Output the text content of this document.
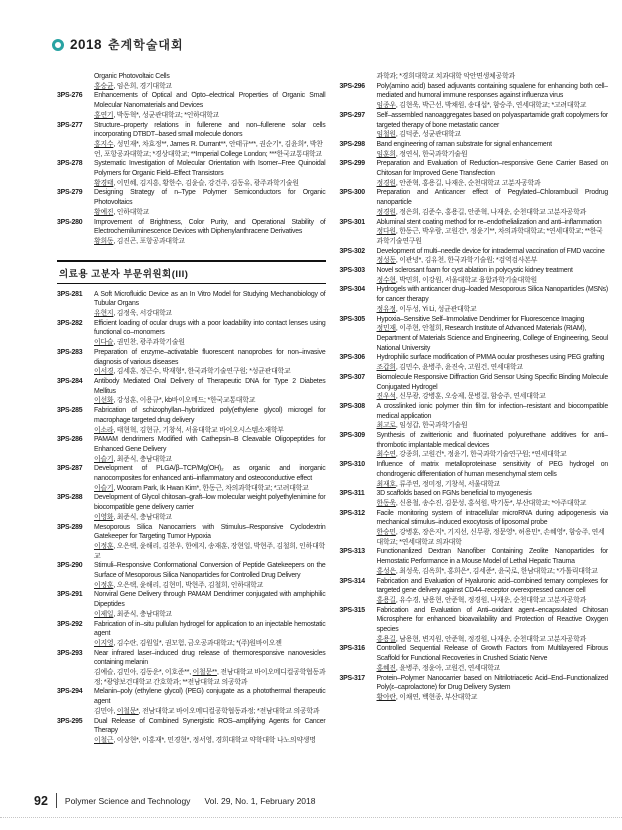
2018 춘계학술대회
Organic Photovoltaic Cells
홍승균, 임은희, 경기대학교
3PS-276	Enhancements of Optical and Opto–electrical Properties of Organic Small Molecular Nanomaterials and Devices
홍연기, 박동혁*, 성균관대학교; *인하대학교
3PS-277	Structure–property relations in fullerene and non–fullerene solar cells incorporating DTBDT–based small molecule donors
홍지수, 성민재*, 차효정**, James R. Durrant**, 안태규***, 권순기*, 김윤희*, 박찬언, 포항공과대학교; *경상대학교; **Imperial College London; ***한국교통대학교
3PS-278	Systematic Investigation of Molecular Orientation with Isomer–Free Quinoidal Polymers for Organic Field–Effect Transistors
황경태, 이민혜, 김지흥, 황한수, 김윤슬, 강건주, 김동유, 광주과학기술원
3PS-279	Designing Strategy of n–Type Polymer Semiconductors for Organic Photovoltaics
황예진, 인하대학교
3PS-280	Improvement of Brightness, Color Purity, and Operational Stability of Electrochemiluminescence Devices with Diphenylanthracene Derivatives
황희동, 김진곤, 포항공과대학교
의료용 고분자 부문위원회(III)
3PS-281	A Soft Microfluidic Device as an In Vitro Model for Studying Mechanobiology of Tubular Organs
유현지, 김정욱, 서강대학교
3PS-282	Efficient loading of ocular drugs with a poor loadability into contact lenses using functional co–monomers
이다슬, 권민찬, 광주과학기술원
3PS-283	Preparation of enzyme–activatable fluorescent nanoprobes for non–invasive diagnosis of various diseases
이서경, 김세훈, 정근수, 박재형*, 한국과학기술연구원; *성균관대학교
3PS-284	Antibody Mediated Oral Delivery of Therapeutic DNA for Type 2 Diabetes Mellitus
이선화, 강성훈, 이용규*, kb바이오메드; *한국교통대학교
3PS-285	Fabrication of schizophyllan–hybridized poly(ethylene glycol) microgel for macrophage targeted drug delivery
이소라, 태현혁, 김현규, 기창석, 서울대학교 바이오시스템소재학부
3PS-286	PAMAM dendrimers Modified with Cathepsin–B Cleavable Oligopeptides for Enhanced Gene Delivery
이슬기, 최준식, 충남대학교
3PS-287	Development of PLGA/β–TCP/Mg(OH)₂ as organic and inorganic nanocomposites for enhanced anti–inflammatory and osteoconductive effect
이슬기, Wooram Park, Ik Hwan Kim*, 한동근, 차의과학대학교; *고려대학교
3PS-288	Development of Glycol chitosan–graft–low molecular weight polyethylenimine for biocompatible gene delivery carrier
이영화, 최준식, 충남대학교
3PS-289	Mesoporous Silica Nanocarriers with Stimulus–Responsive Cyclodextrin Gatekeeper for Targeting Tumor Hypoxia
이정훈, 오은택, 윤해리, 김찬우, 한예지, 송재훈, 장현일, 박현주, 김철희, 인하대학교
3PS-290	Stimuli–Responsive Conformational Conversion of Peptide Gatekeepers on the Surface of Mesoporous Silica Nanoparticles for Controlled Drug Delivery
이정훈, 오은택, 윤해리, 김현미, 박현주, 김철희, 인하대학교
3PS-291	Nonviral Gene Delivery through PAMAM Dendrimer conjugated with amphiphilic Dipeptides
이제일, 최준식, 충남대학교
3PS-292	Fabrication of in–situ pullulan hydrogel for application to an injectable hemostatic agent
이지영, 김수란, 김원일*, 권모험, 금오공과대학교; *(주)원바이오젠
3PS-293	Near infrared laser–induced drug release of thermoresponsive nanovesicles containing melanin
김예슬, 김민아, 김동운*, 이호준**, 이철문**, 전남대학교 바이오메디컬공학협동과정; *광양보건대학교 간호학과; **전남대학교 의공학과
3PS-294	Melanin–poly (ethylene glycol) (PEG) conjugate as a photothermal therapeutic agent
김민아, 이철문*, 전남대학교 바이오메디컬공학협동과정; *전남대학교 의공학과
3PS-295	Dual Release of Combined Synergistic ROS–amplifying Agents for Cancer Therapy
이철근, 이상현*, 이홍재*, 민경현*, 정서영, 경희대학교 약학대학 나노의약생명
과학과; *경희대학교 치과대학 악안면생체공학과
3PS-296	Poly(amino acid) based adjuvants containing squalene for enhancing both cell–mediated and humoral immune responses against influenza virus
임종우, 김현욱, 박근선, 박채원, 송대섭*, 함승주, 연세대학교; *고려대학교
3PS-297	Self–assembled nanoaggregates based on polyaspartamide graft copolymers for targeted therapy of bone metastatic cancer
임철원, 김덕준, 성균관대학교
3PS-298	Band engineering of raman substrate for signal enhancement
임훈희, 정연식, 한국과학기술원
3PS-299	Preparation and Evaluation of Reduction–responsive Gene Carrier Based on Chitosan for Improved Gene Transfection
정경원, 안준혁, 홍용길, 나재운, 순천대학교 고분자공학과
3PS-300	Preparation and Anticancer effect of Pegylated–Chlorambucil Prodrug nanoparticle
정경원, 정은희, 김준수, 홍용길, 안준혁, 나재운, 순천대학교 고분자공학과
3PS-301	Abluminal stent coating method for re–endothelialization and anti–inflammation
정다원, 한동근, 박우람, 고원건*, 정윤기**, 차의과학대학교; *연세대학교; **한국과학기술연구원
3PS-302	Development of multi–needle device for intradermal vaccination of FMD vaccine
정성동, 이관녕*, 김유천, 한국과학기술원; *검역검사본부
3PS-303	Novel sclerosant foam for cyst ablation in polycystic kidney treatment
정수현, 박민희, 이강원, 서울대학교 융합과학기술대학원
3PS-304	Hydrogels with anticancer drug–loaded Mesoporous Silica Nanoparticles (MSNs) for cancer therapy
정유정, 이두성, Yi Li, 성균관대학교
3PS-305	Hypoxia–Sensitive Self–Immolative Dendrimer for Fluorescence Imaging
정민재, 이주현, 안철희, Research Institute of Advanced Materials (RIAM), Department of Materials Science and Engineering, College of Engineering, Seoul National University
3PS-306	Hydrophilic surface modification of PMMA ocular prostheses using PEG grafting
조갑희, 김민수, 윤병주, 윤진숙, 고원건, 연세대학교
3PS-307	Biomolecule Responsive Diffraction Grid Sensor Using Specific Binding Molecule Conjugated Hydrogel
진우석, 신무광, 강병훈, 오승제, 문병걸, 함승주, 연세대학교
3PS-308	A crosslinked ionic polymer thin film for infection–resistant and biocompatible medical application
최고로, 임성갑, 한국과학기술원
3PS-309	Synthesis of zwitterionic and fluorinated polyurethane additives for anti–thrombotic implantable medical devices
최수연, 강종희, 고원건*, 정윤기, 한국과학기술연구원; *연세대학교
3PS-310	Influence of matrix metalloproteinase sensitivity of PEG hydrogel on chondrogenic differentiation of human mesenchymal stem cells
최재호, 류주연, 정미정, 기창석, 서울대학교
3PS-311	3D scaffolds based on FGNs beneficial to myogenesis
한동욱, 신용철, 송수진, 김문성, 홍석원, 박기동*, 부산대학교; *아주대학교
3PS-312	Facile monitoring system of intracellular microRNA during adipogenesis via mechanical stimulus–induced exocytosis of liposomal probe
한승민, 강병훈, 장은지*, 기지선, 신무광, 정문영*, 허용민*, 손혜영*, 함승주, 연세대학교; *연세대학교 의과대학
3PS-313	Functionanlized Dextran Nanofiber Containing Zeolite Nanoparticles for Hemostatic Performance in a Mouse Model of Lethal Hepatic Trauma
홍성은, 최성욱, 김옥희*, 홍희은*, 김세준*, 윤국로, 한남대학교; *가톨릭대학교
3PS-314	Fabrication and Evaluation of Hyaluronic acid–combined ternary complexes for targeted gene delivery against CD44–receptor overexpressed cancer cell
홍용길, 유수경, 남용현, 안준혁, 정경원, 나재운, 순천대학교 고분자공학과
3PS-315	Fabrication and Evaluation of Anti–oxidant agent–encapsulated Chitosan Microsphere for enhanced bioavailability and Protection of Reactive Oxygen species
홍용길, 남용현, 변지원, 안준혁, 정경원, 나재운, 순천대학교 고분자공학과
3PS-316	Controlled Sequential Release of Growth Factors from Multilayered Fibrous Scaffold for Functional Recoveries in Crushed Sciatic Nerve
홍혜진, 윤병주, 정윤아, 고원건, 연세대학교
3PS-317	Protein–Polymer Nanocarrier based on Nitrilotriacetic Acid–End–Functionalized Poly(ε–caprolactone) for Drug Delivery System
황아란, 이채연, 백현종, 부산대학교
92 Polymer Science and Technology Vol. 29, No. 1, February 2018
